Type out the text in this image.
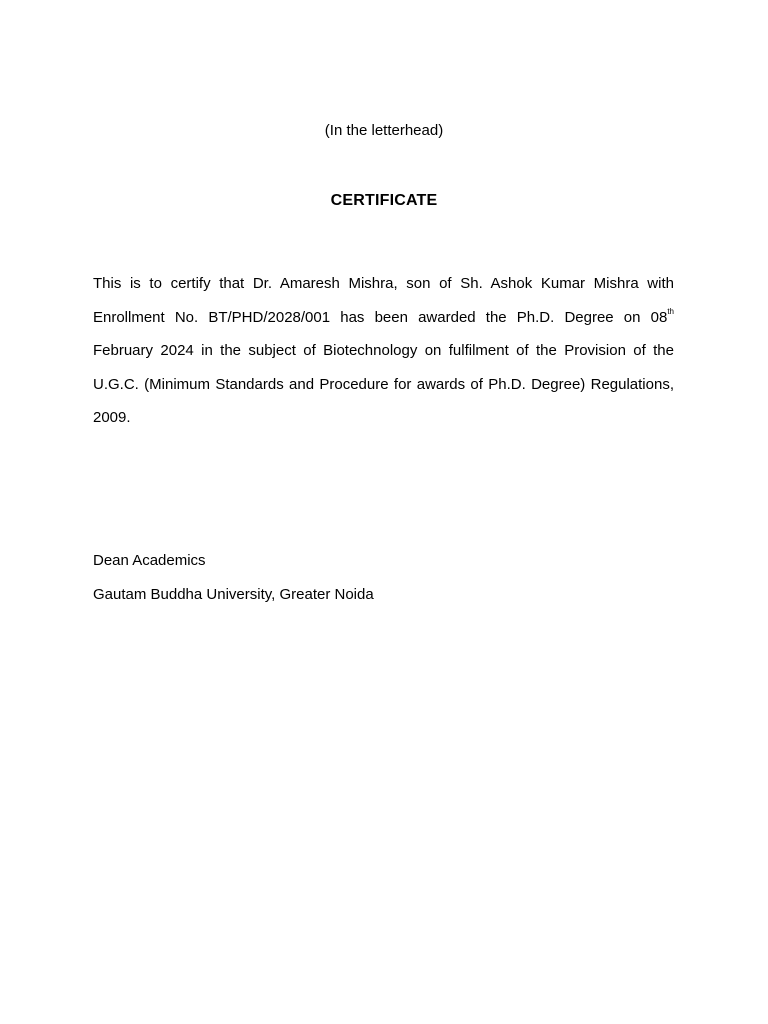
(In the letterhead)
CERTIFICATE
This is to certify that Dr. Amaresh Mishra, son of Sh. Ashok Kumar Mishra with Enrollment No. BT/PHD/2028/001 has been awarded the Ph.D. Degree on 08th February 2024 in the subject of Biotechnology on fulfilment of the Provision of the U.G.C. (Minimum Standards and Procedure for awards of Ph.D. Degree) Regulations, 2009.
Dean Academics
Gautam Buddha University, Greater Noida
